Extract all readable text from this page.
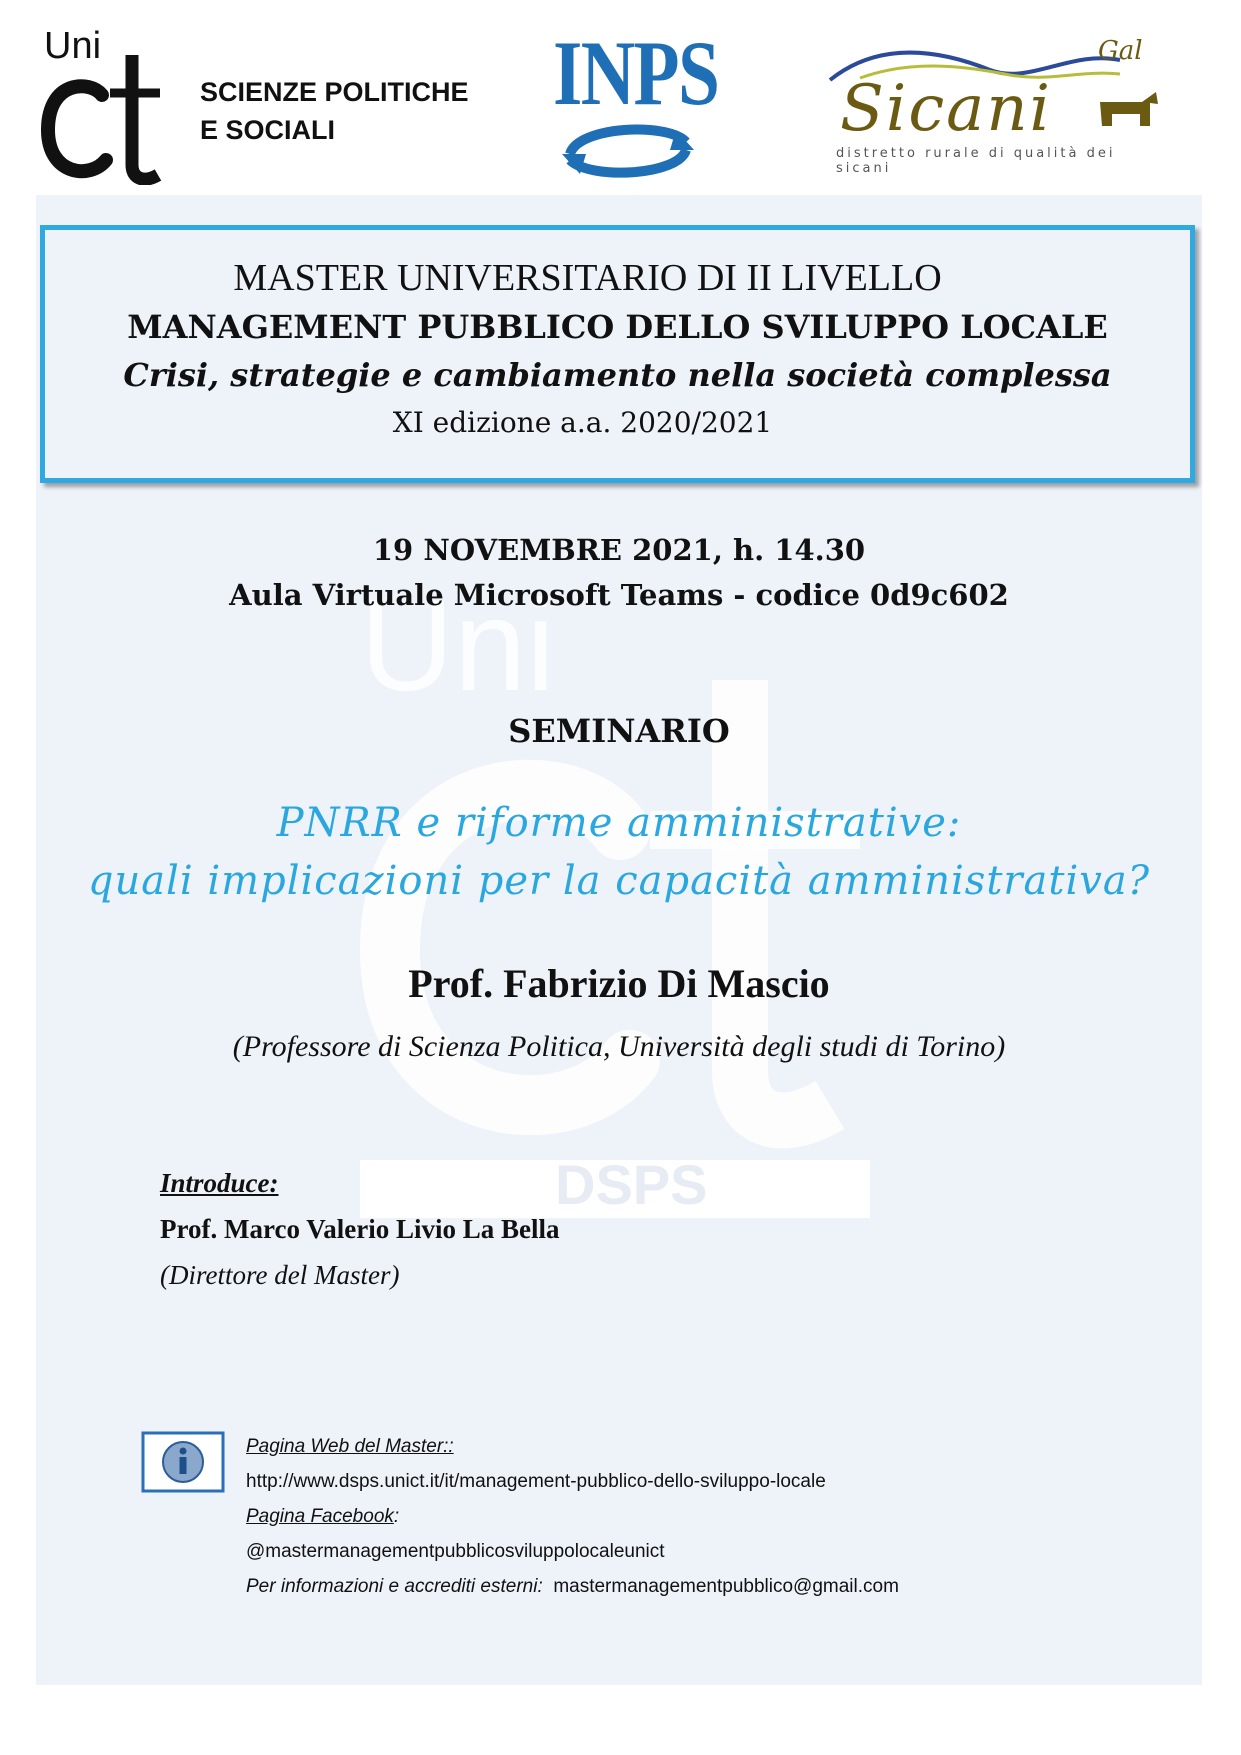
Uni
SCIENZE POLITICHE
E SOCIALI
INPS	Gal
Sicani
distretto rurale di qualità dei sicani
Uni
DSPS
MASTER UNIVERSITARIO DI II LIVELLO
MANAGEMENT PUBBLICO DELLO SVILUPPO LOCALE
Crisi, strategie e cambiamento nella società complessa
XI edizione a.a. 2020/2021
19 NOVEMBRE 2021, h. 14.30
Aula Virtuale Microsoft Teams - codice 0d9c602
SEMINARIO
PNRR e riforme amministrative:
quali implicazioni per la capacità amministrativa?
Prof. Fabrizio Di Mascio
(Professore di Scienza Politica, Università degli studi di Torino)
Introduce:
Prof. Marco Valerio Livio La Bella
(Direttore del Master)
Pagina Web del Master::
http://www.dsps.unict.it/it/management-pubblico-dello-sviluppo-locale
Pagina Facebook:
@mastermanagementpubblicosviluppolocaleunict
Per informazioni e accrediti esterni: mastermanagementpubblico@gmail.com
